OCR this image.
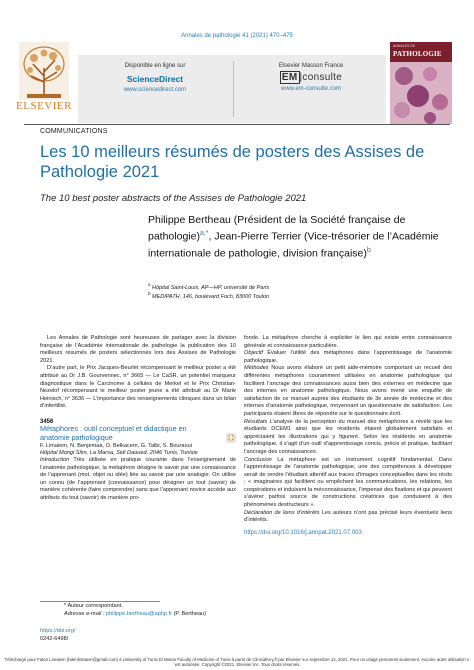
Annales de pathologie 41 (2021) 470–475
ELSEVIER
Disponible en ligne sur
ScienceDirect
www.sciencedirect.com
Elsevier Masson France
EM |consulte
www.em-consulte.com
ANNALES DE
PATHOLOGIE
COMMUNICATIONS
Les 10 meilleurs résumés de posters des Assises de
Pathologie 2021
The 10 best poster abstracts of the Assises de Pathologie 2021
Philippe Bertheau (Président de la Société française de pathologie)$^{a,*}$, Jean-Pierre Terrier (Vice-trésorier de l’Académie internationale de pathologie, division française)$^b$
$^a$ Hôpital Saint-Louis, AP—HP, université de Paris
$^b$ MEDIPATH, 146, boulevard Foch, 83000 Toulon

Les Annales de Pathologie sont heureuses de partager avec la division française de l’Académie internationale de pathologie la publication des 10 meilleurs résumés de posters sélectionnés lors des Assises de Pathologie 2021.

D’autre part, le Prix Jacques-Beurlet récompensant le meilleur poster a été attribué au Dr J.B. Gourvennec, n° 3665 — Le CaSR, un potentiel marqueur diagnostique dans le Carcinome à cellules de Merkel et le Prix Christian-Nezelof récompensant le meilleur poster jeune a été attribué au Dr Marie Heinisch, n° 3636 — L’importance des renseignements cliniques dans un bilan d’infertilité.

3456
Métaphores : outil conceptuel et didactique en anatomie pathologique
F. Limaiem, N. Benjemaa, O. Belkacem, G. Talbi, S. Bouraoui
Hôpital Mongi Slim, La Marsa, Sidi Daoued, 2046 Tunis, Tunisie

Introduction Très utilisée en pratique courante dans l’enseignement de l’anatomie pathologique, la métaphore désigne le savoir par une connaissance de l’apprenant (mot, objet ou idée) liée au savoir par une analogie. On utilise un connu (de l’apprenant (connaissance) pour désigner un tout (savoir) de manière cohérente (faire comprendre) sans que l’apprenant novice accède aux attributs du tout (savoir) de manière pro-

fonde. La métaphore cherche à expliciter le lien qui existe entre connaissance générale et connaissance particulière.

Objectif Évaluer l’utilité des métaphores dans l’apprentissage de l’anatomie pathologique.

Méthodes Nous avons élaboré un petit aide-mémoire comportant un recueil des différentes métaphores couramment utilisées en anatomie pathologique qui facilitent l’ancrage des connaissances aussi bien des externes en médecine que des internes en anatomie pathologique. Nous avons mené une enquête de satisfaction de ce manuel auprès des étudiants de 3e année de médecine et des internes d’anatomie pathologique, moyennant un questionnaire de satisfaction. Les participants étaient libres de répondre sur le questionnaire écrit.

Résultats L’analyse de la perception du manuel des métaphores a révélé que les étudiants DCEM1 ainsi que les résidents étaient globalement satisfaits et appréciaient les illustrations qui y figurent. Selon les résidents en anatomie pathologique, il s’agit d’un outil d’apprentissage concis, précis et pratique, facilitant l’ancrage des connaissances.

Conclusion La métaphore est un instrument cognitif fondamental. Dans l’apprentissage de l’anatomie pathologique, une des compétences à développer serait de rendre l’étudiant attentif aux traces d’images conceptuelles dans les récits : « imaginaires qui facilitent ou empêchent les communications, les relations, les coopérations et induisent la méconnaissance, l’impensé des fixations et qui peuvent s’avérer parfois source de constructions créatrices que conduisent à des phénomènes destructeurs ».

Déclaration de liens d’intérêts Les auteurs n’ont pas précisé leurs éventuels liens d’intérêts.

https://doi.org/10.1016/j.annpat.2021.07.003
* Auteur correspondant.
Adresse e-mail : philippe.bertheau@aphp.fr (P. Bertheau)
https://doi.org/
0242-6498/
Téléchargé pour Faten Limaiem (fatenlimaiem@gmail.com) à University of Tunis El Manar Faculty of Medicine of Tunis à partir de ClinicalKey.fr par Elsevier sur septembre 12, 2021. Pour un usage personnel seulement. Aucune autre utilisation n´est autorisée. Copyright ©2021. Elsevier Inc. Tous droits réservés.
